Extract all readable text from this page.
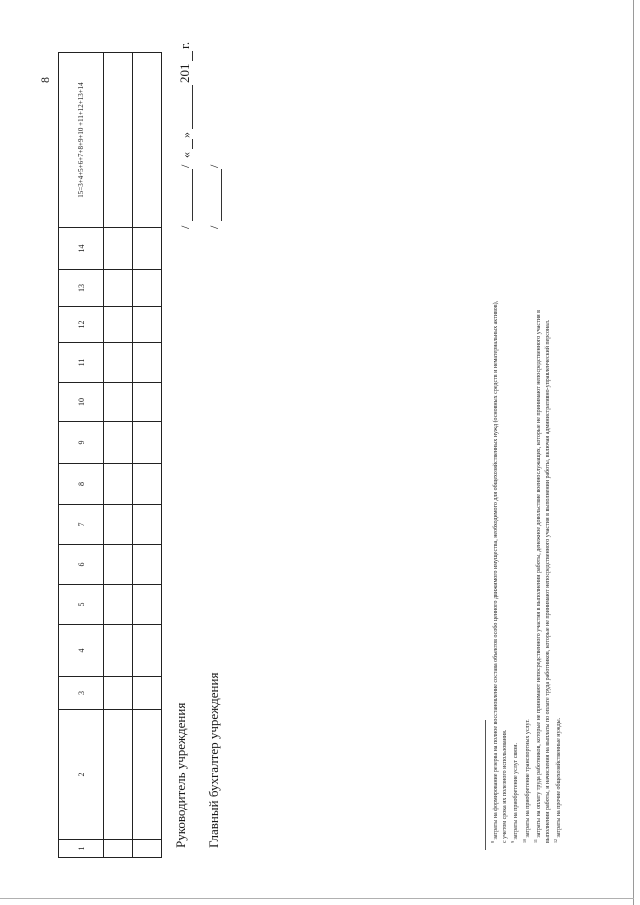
8
1	2	3	4	5	6	7	8	9	10	11	12	13	14	15=3+4+5+6+7+8+9+10 +11+12+13+14

Руководитель учреждения Главный бухгалтер учреждения
/
/
«
»
201
г.
/
/
$^8$ затраты на формирование резерва на полное восстановление состава объектов особо ценного движимого имущества, необходимого для общехозяйственных нужд (основных средств и нематериальных активов), с учетом срока их полезного использования. $^9$ затраты на приобретение услуг связи.
$^{10}$ затраты на приобретение транспортных услуг.
$^{11}$ затраты на оплату труда работников, которые не принимают непосредственного участия в выполнении работы, денежное довольствие военнослужащих, которые не принимают непосредственного участия в выполнении работы, и начисления на выплаты по оплате труда работников, которые не принимают непосредственного участия в выполнении работы, включая административно-управленческий персонал. $^{12}$ затраты на прочие общехозяйственные нужды.
